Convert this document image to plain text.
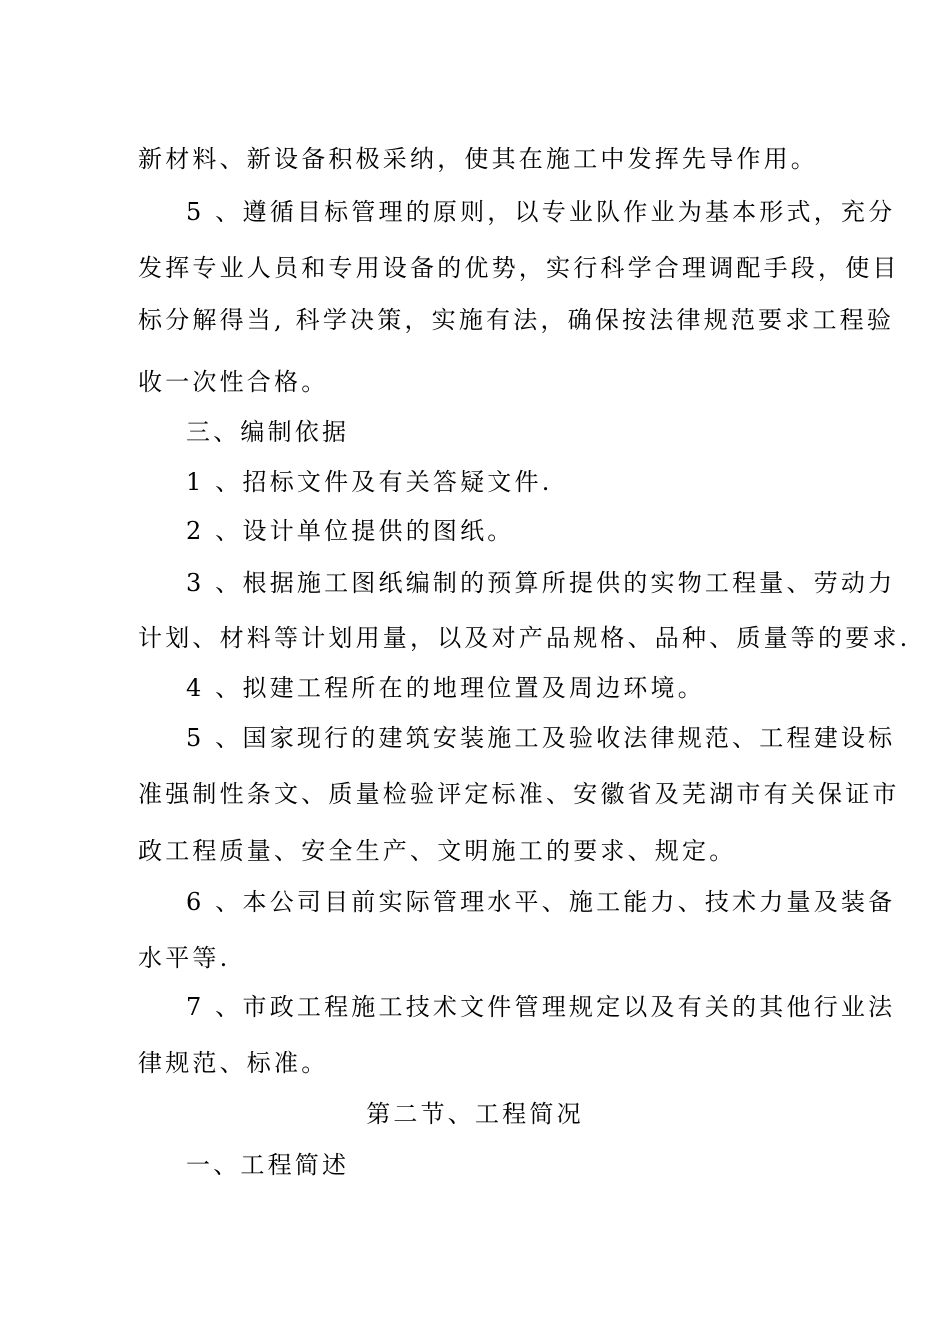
新材料、新设备积极采纳，使其在施工中发挥先导作用。
5 、遵循目标管理的原则，以专业队作业为基本形式，充分
发挥专业人员和专用设备的优势，实行科学合理调配手段，使目
标分解得当, 科学决策，实施有法，确保按法律规范要求工程验
收一次性合格。
三、编制依据
1 、招标文件及有关答疑文件.
2 、设计单位提供的图纸。
3 、根据施工图纸编制的预算所提供的实物工程量、劳动力
计划、材料等计划用量，以及对产品规格、品种、质量等的要求.
4 、拟建工程所在的地理位置及周边环境。
5 、国家现行的建筑安装施工及验收法律规范、工程建设标
准强制性条文、质量检验评定标准、安徽省及芜湖市有关保证市
政工程质量、安全生产、文明施工的要求、规定。
6 、本公司目前实际管理水平、施工能力、技术力量及装备
水平等.
7 、市政工程施工技术文件管理规定以及有关的其他行业法
律规范、标准。
第二节、工程简况
一、工程简述
